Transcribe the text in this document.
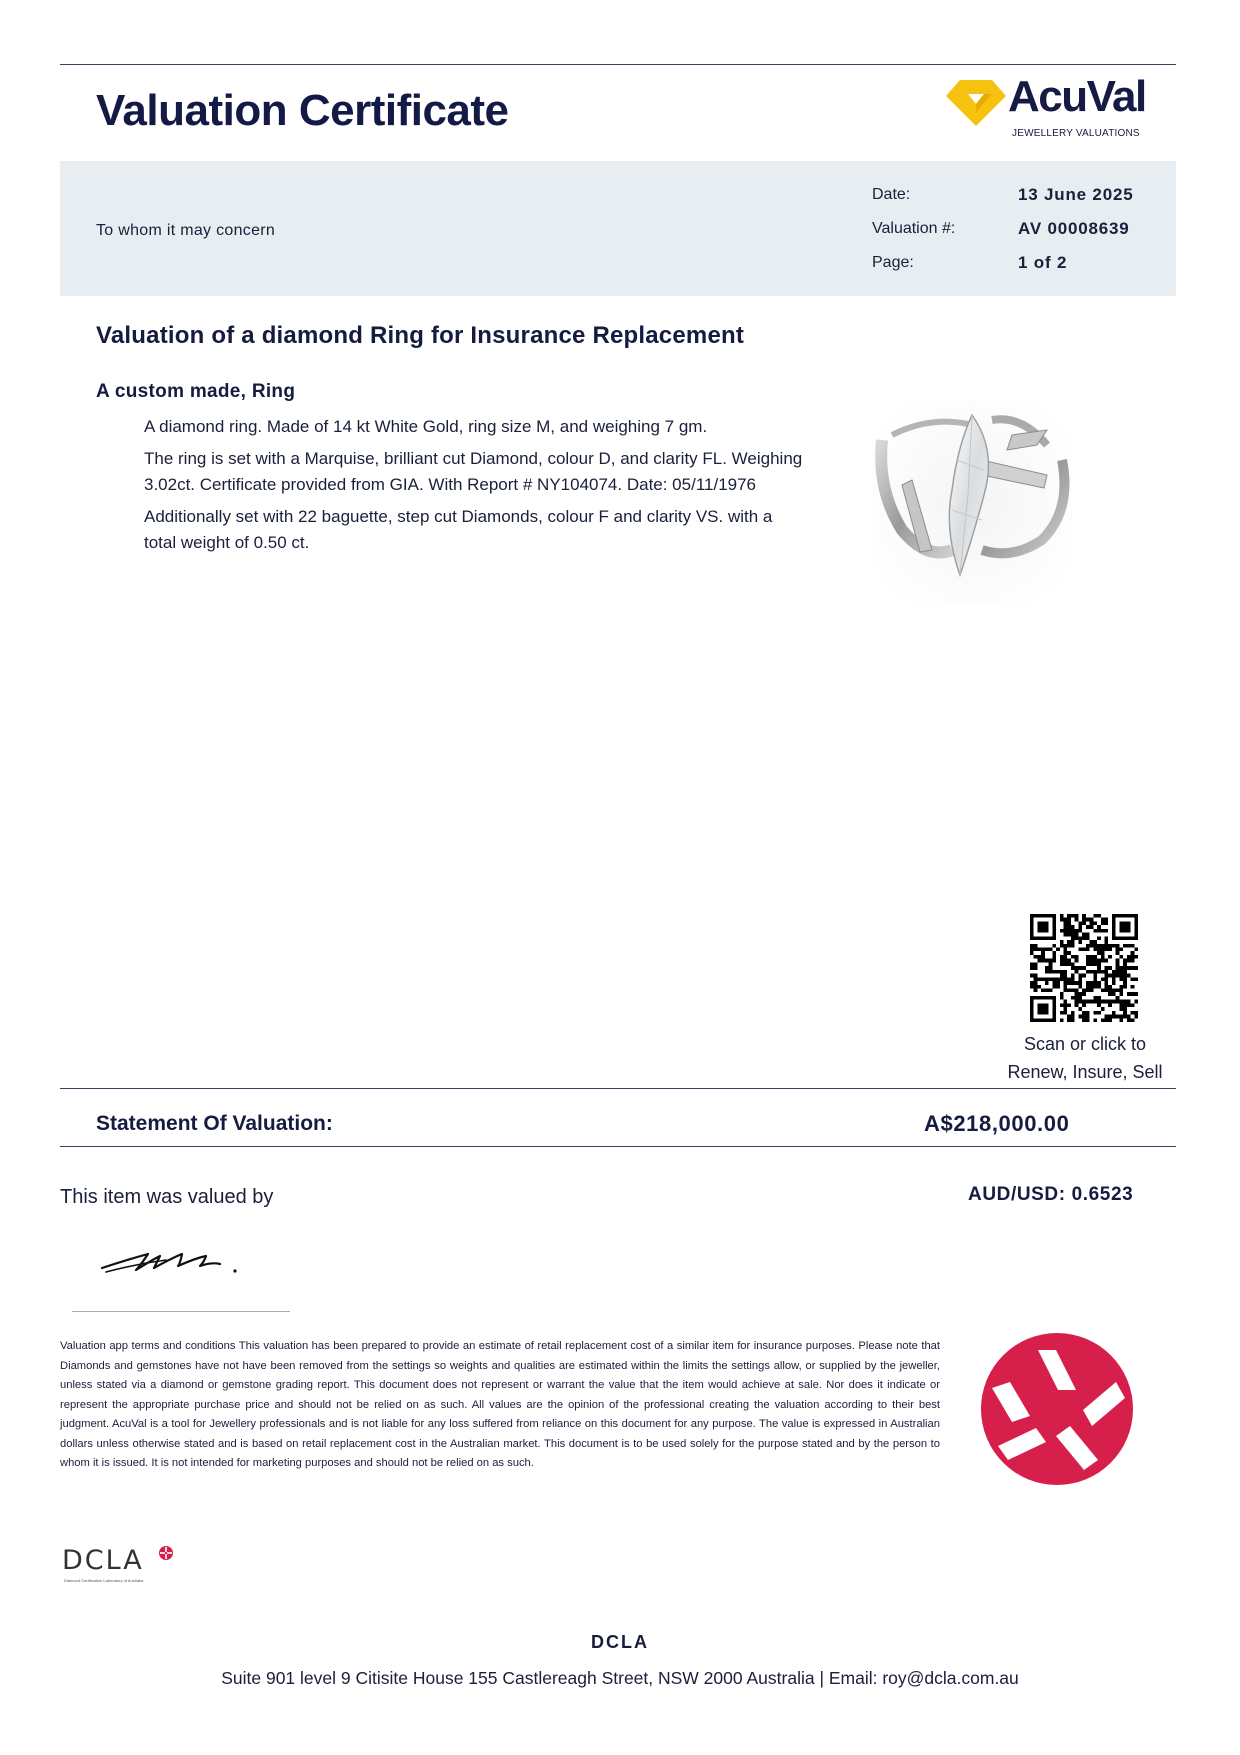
Valuation Certificate	AcuVal
JEWELLERY VALUATIONS
To whom it may concern
Date:	13 June 2025
Valuation #:	AV 00008639
Page:	1 of 2
Valuation of a diamond Ring for Insurance Replacement
A custom made, Ring

A diamond ring. Made of 14 kt White Gold, ring size M, and weighing 7 gm.

The ring is set with a Marquise, brilliant cut Diamond, colour D, and clarity FL. Weighing 3.02ct. Certificate provided from GIA. With Report # NY104074. Date: 05/11/1976

Additionally set with 22 baguette, step cut Diamonds, colour F and clarity VS. with a total weight of 0.50 ct.

Scan or click to
Renew, Insure, Sell
Statement Of Valuation:	A$218,000.00
This item was valued by	AUD/USD: 0.6523
Valuation app terms and conditions This valuation has been prepared to provide an estimate of retail replacement cost of a similar item for insurance purposes. Please note that Diamonds and gemstones have not have been removed from the settings so weights and qualities are estimated within the limits the settings allow, or supplied by the jeweller, unless stated via a diamond or gemstone grading report. This document does not represent or warrant the value that the item would achieve at sale. Nor does it indicate or represent the appropriate purchase price and should not be relied on as such. All values are the opinion of the professional creating the valuation according to their best judgment. AcuVal is a tool for Jewellery professionals and is not liable for any loss suffered from reliance on this document for any purpose. The value is expressed in Australian dollars unless otherwise stated and is based on retail replacement cost in the Australian market. This document is to be used solely for the purpose stated and by the person to whom it is issued. It is not intended for marketing purposes and should not be relied on as such.
DCLA
Diamond Certification Laboratory of Australia
DCLA
Suite 901 level 9 Citisite House 155 Castlereagh Street, NSW 2000 Australia | Email: roy@dcla.com.au
